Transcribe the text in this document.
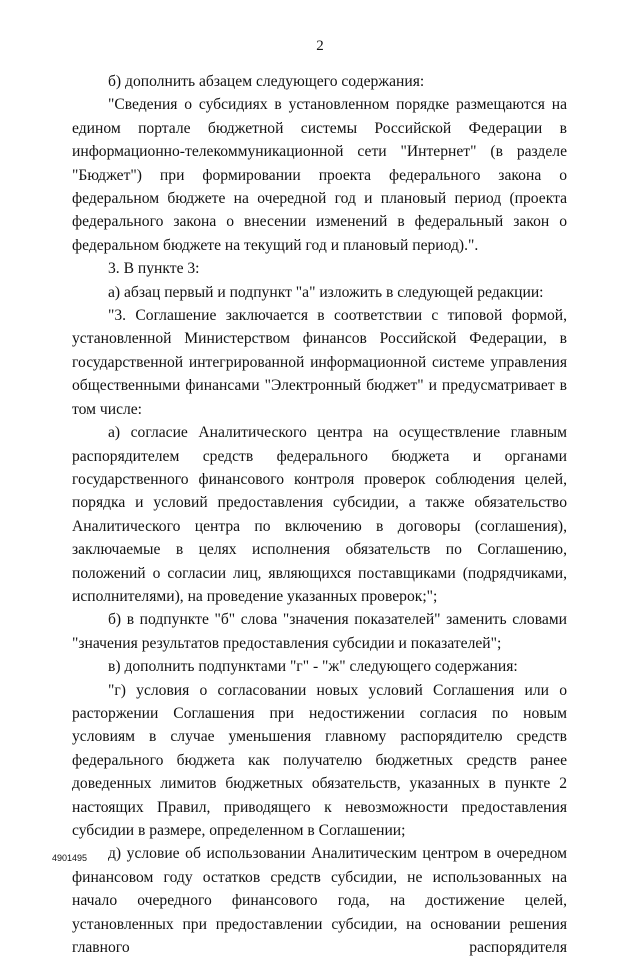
2

б) дополнить абзацем следующего содержания:

"Сведения о субсидиях в установленном порядке размещаются на едином портале бюджетной системы Российской Федерации в информационно-телекоммуникационной сети "Интернет" (в разделе "Бюджет") при формировании проекта федерального закона о федеральном бюджете на очередной год и плановый период (проекта федерального закона о внесении изменений в федеральный закон о федеральном бюджете на текущий год и плановый период).".

3. В пункте 3:

а) абзац первый и подпункт "а" изложить в следующей редакции:

"3. Соглашение заключается в соответствии с типовой формой, установленной Министерством финансов Российской Федерации, в государственной интегрированной информационной системе управления общественными финансами "Электронный бюджет" и предусматривает в том числе:

а) согласие Аналитического центра на осуществление главным распорядителем средств федерального бюджета и органами государственного финансового контроля проверок соблюдения целей, порядка и условий предоставления субсидии, а также обязательство Аналитического центра по включению в договоры (соглашения), заключаемые в целях исполнения обязательств по Соглашению, положений о согласии лиц, являющихся поставщиками (подрядчиками, исполнителями), на проведение указанных проверок;";

б) в подпункте "б" слова "значения показателей" заменить словами "значения результатов предоставления субсидии и показателей";

в) дополнить подпунктами "г" - "ж" следующего содержания:

"г) условия о согласовании новых условий Соглашения или о расторжении Соглашения при недостижении согласия по новым условиям в случае уменьшения главному распорядителю средств федерального бюджета как получателю бюджетных средств ранее доведенных лимитов бюджетных обязательств, указанных в пункте 2 настоящих Правил, приводящего к невозможности предоставления субсидии в размере, определенном в Соглашении;

д) условие об использовании Аналитическим центром в очередном финансовом году остатков средств субсидии, не использованных на начало очередного финансового года, на достижение целей, установленных при предоставлении субсидии, на основании решения главного распорядителя

4901495
